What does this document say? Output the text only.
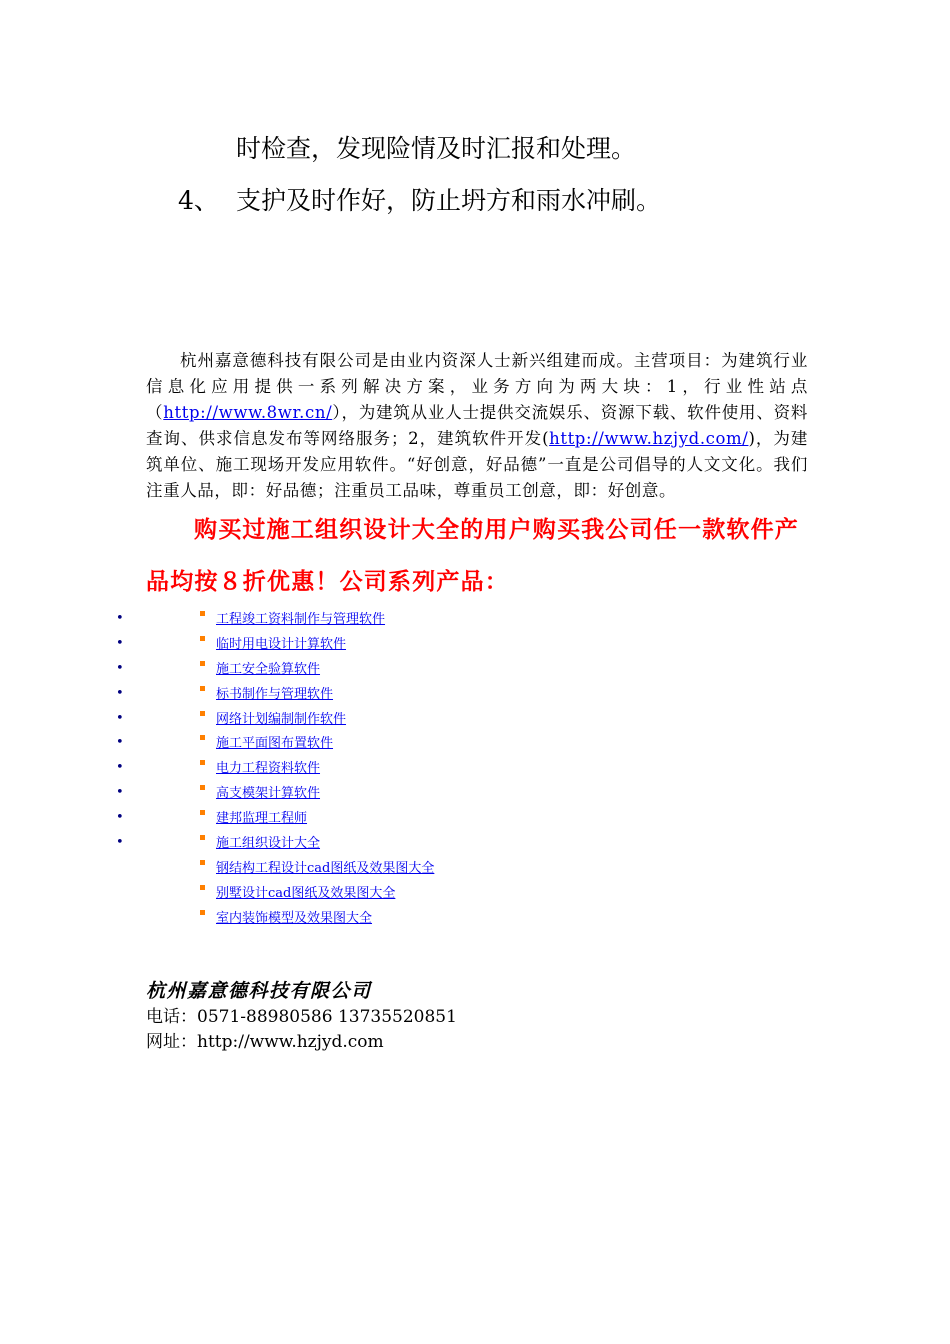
时检查，发现险情及时汇报和处理。
4、 支护及时作好，防止坍方和雨水冲刷。
杭州嘉意德科技有限公司是由业内资深人士新兴组建而成。主营项目：为建筑行业信息化应用提供一系列解决方案，业务方向为两大块：1，行业性站点（http://www.8wr.cn/），为建筑从业人士提供交流娱乐、资源下载、软件使用、资料查询、供求信息发布等网络服务；2，建筑软件开发(http://www.hzjyd.com/)，为建筑单位、施工现场开发应用软件。“好创意，好品德”一直是公司倡导的人文文化。我们注重人品，即：好品德；注重员工品味，尊重员工创意，即：好创意。
购买过施工组织设计大全的用户购买我公司任一款软件产品均按８折优惠！公司系列产品：
•	工程竣工资料制作与管理软件
•	临时用电设计计算软件
•	施工安全验算软件
•	标书制作与管理软件
•	网络计划编制制作软件
•	施工平面图布置软件
•	电力工程资料软件
•	高支模架计算软件
•	建邦监理工程师
•	施工组织设计大全
钢结构工程设计cad图纸及效果图大全
别墅设计cad图纸及效果图大全
室内装饰模型及效果图大全
杭州嘉意德科技有限公司
电话：0571-88980586 13735520851
网址：http://www.hzjyd.com
